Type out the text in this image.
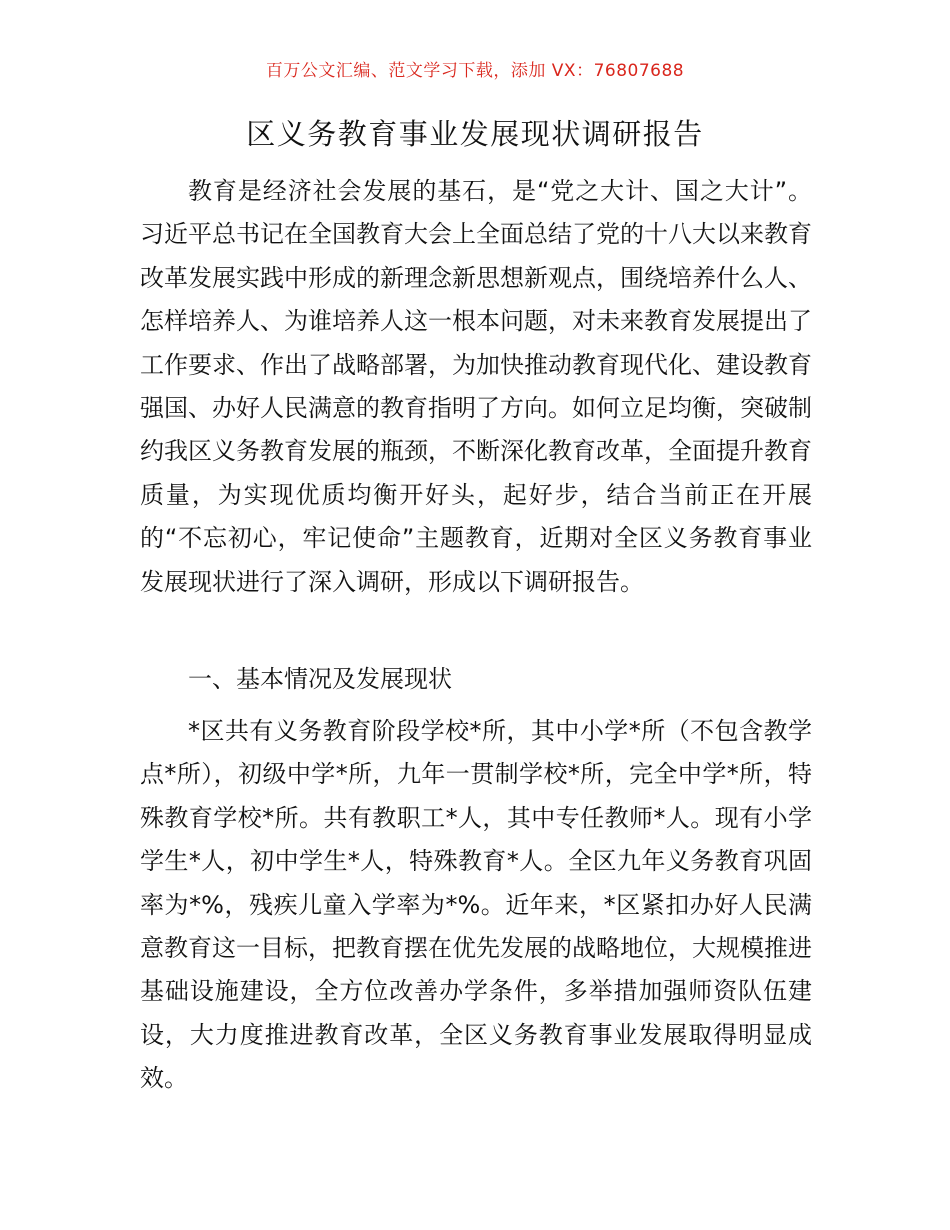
百万公文汇编、范文学习下载，添加 VX：76807688
区义务教育事业发展现状调研报告

教育是经济社会发展的基石，是“党之大计、国之大计”。习近平总书记在全国教育大会上全面总结了党的十八大以来教育改革发展实践中形成的新理念新思想新观点，围绕培养什么人、怎样培养人、为谁培养人这一根本问题，对未来教育发展提出了工作要求、作出了战略部署，为加快推动教育现代化、建设教育强国、办好人民满意的教育指明了方向。如何立足均衡，突破制约我区义务教育发展的瓶颈，不断深化教育改革，全面提升教育质量，为实现优质均衡开好头，起好步，结合当前正在开展的“不忘初心，牢记使命”主题教育，近期对全区义务教育事业发展现状进行了深入调研，形成以下调研报告。

一、基本情况及发展现状

*区共有义务教育阶段学校*所，其中小学*所（不包含教学点*所），初级中学*所，九年一贯制学校*所，完全中学*所，特殊教育学校*所。共有教职工*人，其中专任教师*人。现有小学学生*人，初中学生*人，特殊教育*人。全区九年义务教育巩固率为*%，残疾儿童入学率为*%。近年来，*区紧扣办好人民满意教育这一目标，把教育摆在优先发展的战略地位，大规模推进基础设施建设，全方位改善办学条件，多举措加强师资队伍建设，大力度推进教育改革，全区义务教育事业发展取得明显成效。
